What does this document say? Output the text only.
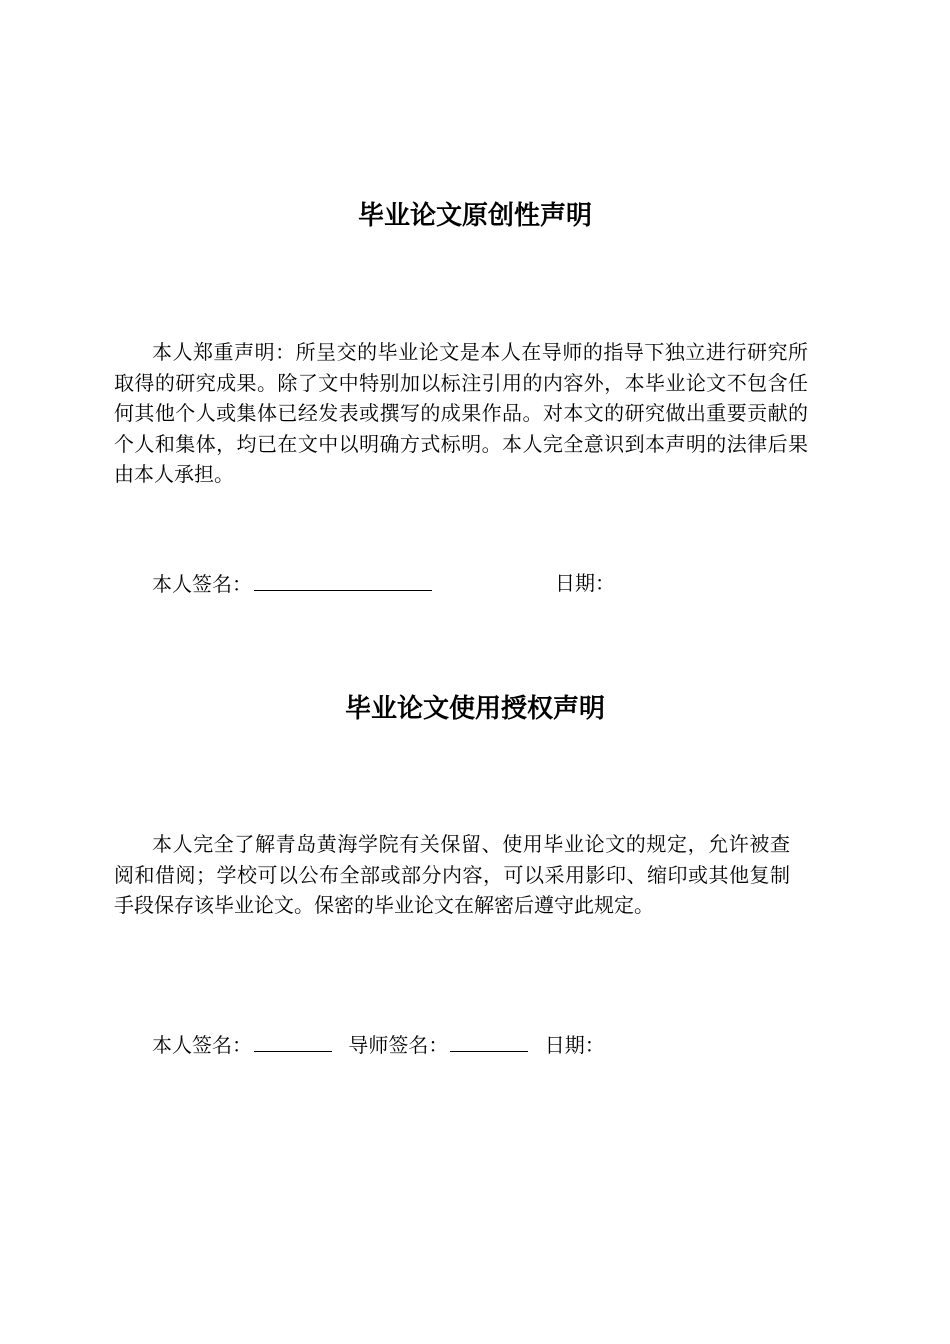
毕业论文原创性声明

本人郑重声明：所呈交的毕业论文是本人在导师的指导下独立进行研究所取得的研究成果。除了文中特别加以标注引用的内容外，本毕业论文不包含任何其他个人或集体已经发表或撰写的成果作品。对本文的研究做出重要贡献的个人和集体，均已在文中以明确方式标明。本人完全意识到本声明的法律后果由本人承担。

本人签名：	日期：
毕业论文使用授权声明

本人完全了解青岛黄海学院有关保留、使用毕业论文的规定，允许被查阅和借阅；学校可以公布全部或部分内容，可以采用影印、缩印或其他复制手段保存该毕业论文。保密的毕业论文在解密后遵守此规定。

本人签名：	导师签名：	日期：
